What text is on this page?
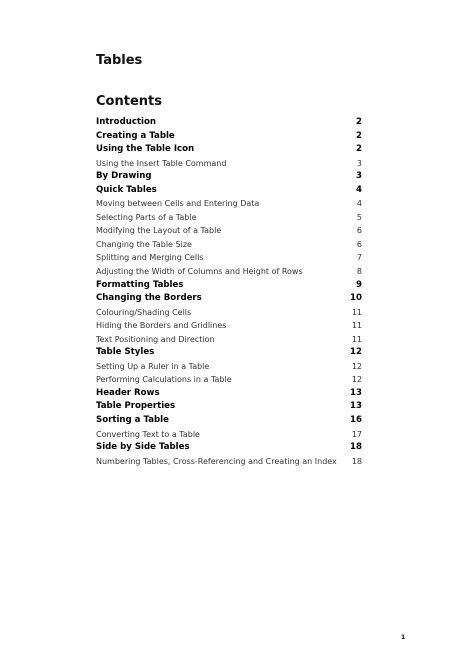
Tables
Contents
Introduction	2
Creating a Table	2
Using the Table Icon	2
Using the Insert Table Command	3
By Drawing	3
Quick Tables	4
Moving between Cells and Entering Data	4
Selecting Parts of a Table	5
Modifying the Layout of a Table	6
Changing the Table Size	6
Splitting and Merging Cells	7
Adjusting the Width of Columns and Height of Rows	8
Formatting Tables	9
Changing the Borders	10
Colouring/Shading Cells	11
Hiding the Borders and Gridlines	11
Text Positioning and Direction	11
Table Styles	12
Setting Up a Ruler in a Table	12
Performing Calculations in a Table	12
Header Rows	13
Table Properties	13
Sorting a Table	16
Converting Text to a Table	17
Side by Side Tables	18
Numbering Tables, Cross-Referencing and Creating an Index	18
1
